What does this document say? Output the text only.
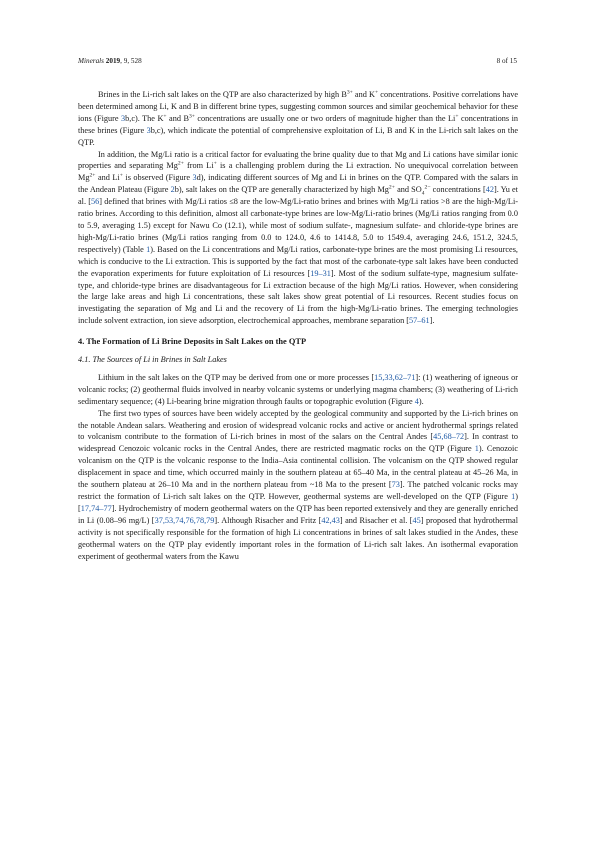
Minerals 2019, 9, 528	8 of 15

Brines in the Li-rich salt lakes on the QTP are also characterized by high $B^{3+}$ and K+ concentrations. Positive correlations have been determined among Li, K and B in different brine types, suggesting common sources and similar geochemical behavior for these ions (Figure 3b,c). The K+ and $B^{3+}$ concentrations are usually one or two orders of magnitude higher than the Li+ concentrations in these brines (Figure 3b,c), which indicate the potential of comprehensive exploitation of Li, B and K in the Li-rich salt lakes on the QTP.

In addition, the Mg/Li ratio is a critical factor for evaluating the brine quality due to that Mg and Li cations have similar ionic properties and separating $Mg^{2+}$ from Li+ is a challenging problem during the Li extraction. No unequivocal correlation between $Mg^{2+}$ and Li+ is observed (Figure 3d), indicating different sources of Mg and Li in brines on the QTP. Compared with the salars in the Andean Plateau (Figure 2b), salt lakes on the QTP are generally characterized by high $Mg^{2+}$ and $SO_4^{2-}$ concentrations [42]. Yu et al. [56] defined that brines with Mg/Li ratios ≤8 are the low-Mg/Li-ratio brines and brines with Mg/Li ratios >8 are the high-Mg/Li-ratio brines. According to this definition, almost all carbonate-type brines are low-Mg/Li-ratio brines (Mg/Li ratios ranging from 0.0 to 5.9, averaging 1.5) except for Nawu Co (12.1), while most of sodium sulfate-, magnesium sulfate- and chloride-type brines are high-Mg/Li-ratio brines (Mg/Li ratios ranging from 0.0 to 124.0, 4.6 to 1414.8, 5.0 to 1549.4, averaging 24.6, 151.2, 324.5, respectively) (Table 1). Based on the Li concentrations and Mg/Li ratios, carbonate-type brines are the most promising Li resources, which is conducive to the Li extraction. This is supported by the fact that most of the carbonate-type salt lakes have been conducted the evaporation experiments for future exploitation of Li resources [19–31]. Most of the sodium sulfate-type, magnesium sulfate-type, and chloride-type brines are disadvantageous for Li extraction because of the high Mg/Li ratios. However, when considering the large lake areas and high Li concentrations, these salt lakes show great potential of Li resources. Recent studies focus on investigating the separation of Mg and Li and the recovery of Li from the high-Mg/Li-ratio brines. The emerging technologies include solvent extraction, ion sieve adsorption, electrochemical approaches, membrane separation [57–61].

4. The Formation of Li Brine Deposits in Salt Lakes on the QTP
4.1. The Sources of Li in Brines in Salt Lakes

Lithium in the salt lakes on the QTP may be derived from one or more processes [15,33,62–71]: (1) weathering of igneous or volcanic rocks; (2) geothermal fluids involved in nearby volcanic systems or underlying magma chambers; (3) weathering of Li-rich sedimentary sequence; (4) Li-bearing brine migration through faults or topographic evolution (Figure 4).

The first two types of sources have been widely accepted by the geological community and supported by the Li-rich brines on the notable Andean salars. Weathering and erosion of widespread volcanic rocks and active or ancient hydrothermal springs related to volcanism contribute to the formation of Li-rich brines in most of the salars on the Central Andes [45,68–72]. In contrast to widespread Cenozoic volcanic rocks in the Central Andes, there are restricted magmatic rocks on the QTP (Figure 1). Cenozoic volcanism on the QTP is the volcanic response to the India–Asia continental collision. The volcanism on the QTP showed regular displacement in space and time, which occurred mainly in the southern plateau at 65–40 Ma, in the central plateau at 45–26 Ma, in the southern plateau at 26–10 Ma and in the northern plateau from ~18 Ma to the present [73]. The patched volcanic rocks may restrict the formation of Li-rich salt lakes on the QTP. However, geothermal systems are well-developed on the QTP (Figure 1) [17,74–77]. Hydrochemistry of modern geothermal waters on the QTP has been reported extensively and they are generally enriched in Li (0.08–96 mg/L) [37,53,74,76,78,79]. Although Risacher and Fritz [42,43] and Risacher et al. [45] proposed that hydrothermal activity is not specifically responsible for the formation of high Li concentrations in brines of salt lakes studied in the Andes, these geothermal waters on the QTP play evidently important roles in the formation of Li-rich salt lakes. An isothermal evaporation experiment of geothermal waters from the Kawu
